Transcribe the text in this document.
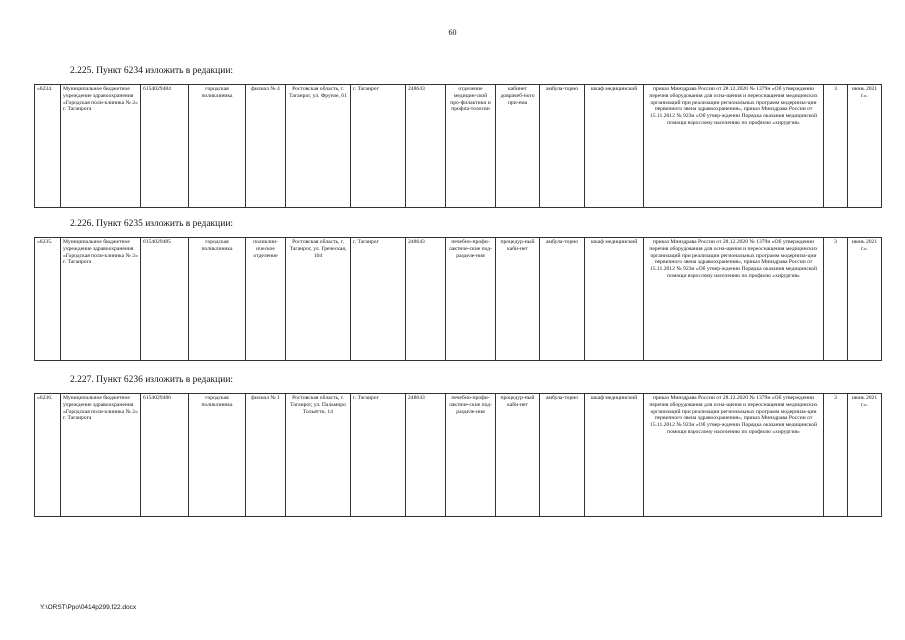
60
2.225. Пункт 6234 изложить в редакции:
«6234.	Муниципальное бюджетное учреждение здравоохранения «Городская поли-клиника № 2» г. Таганрога	6154029484	городская поликлиника	филиал № 4	Ростовская область, г. Таганрог, ул. Фрунзе, 61	г. Таганрог	248643	отделение медицин-ской про-филактики и профпа-тологии	кабинет доврачеб-ного при-ема	амбула-торно	шкаф медицинский	приказ Минздрава России от 28.12.2020 № 1379н «Об утверждении перечня оборудования для осна-щения и переоснащения медицинских организаций при реализации региональных программ модерниза-ции первичного звена здравоохранения», приказ Минздрава России от 15.11.2012 № 923н «Об утвер-ждении Порядка оказания медицинской помощи взрослому населению по профилю «хирургия»	3	июнь 2021 г.».
2.226. Пункт 6235 изложить в редакции:
«6235.	Муниципальное бюджетное учреждение здравоохранения «Городская поли-клиника № 2» г. Таганрога	6154029485	городская поликлиника	поликлин-ическое отделение	Ростовская область, г. Таганрог, ул. Греческая, 104	г. Таганрог	248643	печебно-профи-лактиче-ские под-разделе-ния	процедур-ный каби-нет	амбула-торно	шкаф медицинский	приказ Минздрава России от 28.12.2020 № 1379н «Об утверждении перечня оборудования для осна-щения и переоснащения медицинских организаций при реализации региональных программ модерниза-ции первичного звена здравоохранения», приказ Минздрава России от 15.11.2012 № 923н «Об утвер-ждении Порядка оказания медицинской помощи взрослому населению по профилю «хирургия»	3	июнь 2021 г.».
2.227. Пункт 6236 изложить в редакции:
«6236.	Муниципальное бюджетное учреждение здравоохранения «Городская поли-клиника № 2» г. Таганрога	6154029486	городская поликлиника	филиал № 1	Ростовская область, г. Таганрог, ул. Пальмиро Тольятти, 14	г. Таганрог	248643	печебно-профи-лактиче-ские под-разделе-ния	процедур-ный каби-нет	амбула-торно	шкаф медицинский	приказ Минздрава России от 28.12.2020 № 1379н «Об утверждении перечня оборудования для осна-щения и переоснащения медицинских организаций при реализации региональных программ модерниза-ции первичного звена здравоохранения», приказ Минздрава России от 15.11.2012 № 923н «Об утвер-ждении Порядка оказания медицинской помощи взрослому населению по профилю «хирургия»	3	июнь 2021 г.».
Y:\ORST\Ppo\0414p299.f22.docx
